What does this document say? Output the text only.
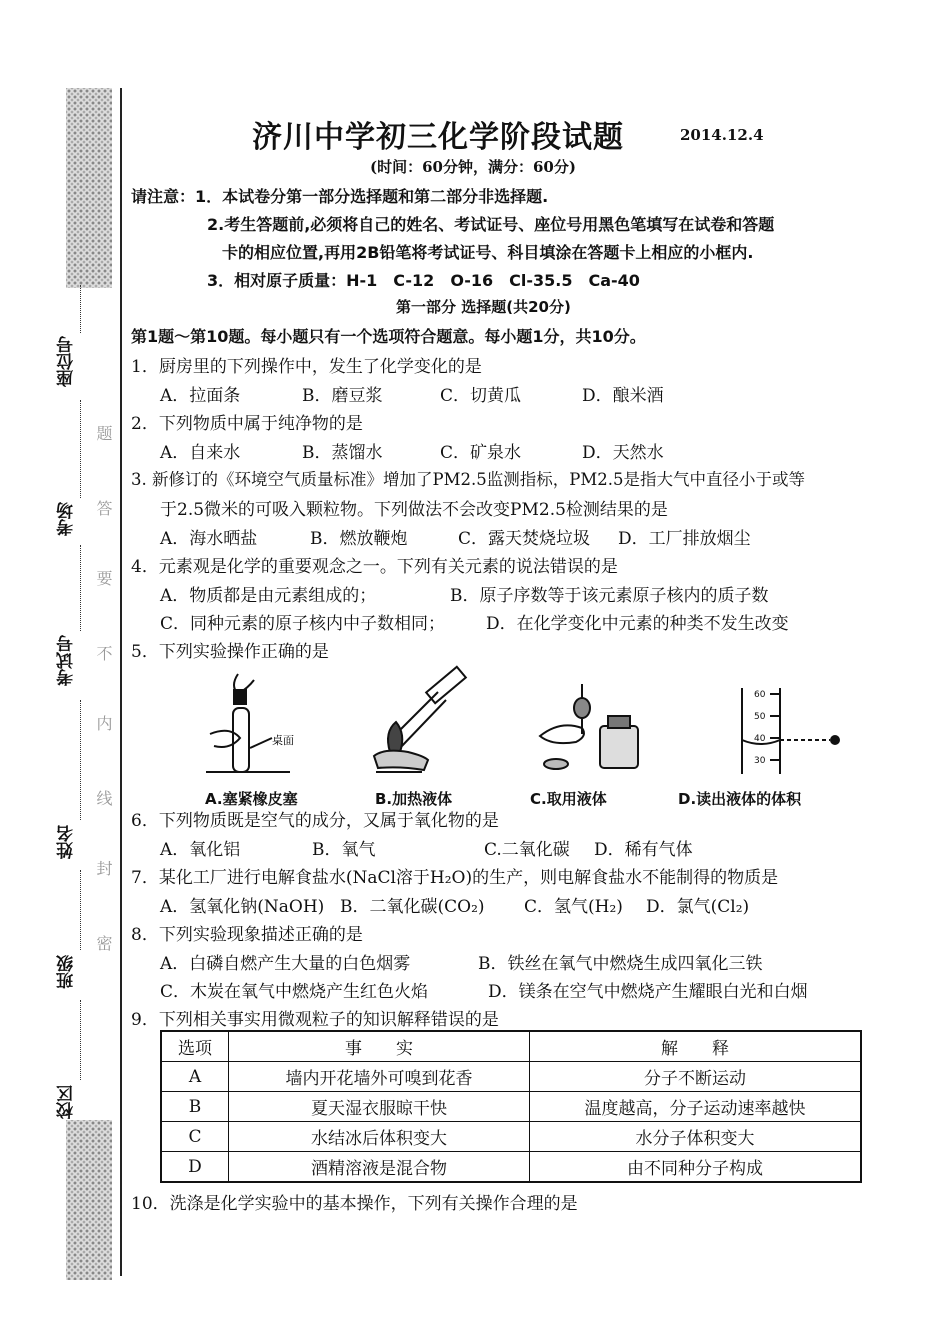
座位号
考场
考试号
姓名
班级
校区
题
答
要
不
内
线
封
密
济川中学初三化学阶段试题	2014.12.4
(时间：60分钟，满分：60分)
请注意：1．本试卷分第一部分选择题和第二部分非选择题.
2.考生答题前,必须将自己的姓名、考试证号、座位号用黑色笔填写在试卷和答题
卡的相应位置,再用2B铅笔将考试证号、科目填涂在答题卡上相应的小框内.
3．相对原子质量：H-1　C-12　O-16　Cl-35.5　Ca-40
第一部分 选择题(共20分)
第1题～第10题。每小题只有一个选项符合题意。每小题1分，共10分。
1．厨房里的下列操作中，发生了化学变化的是
A．拉面条	B．磨豆浆	C．切黄瓜	D．酿米酒
2．下列物质中属于纯净物的是
A．自来水	B．蒸馏水	C．矿泉水	D．天然水
3. 新修订的《环境空气质量标准》增加了PM2.5监测指标，PM2.5是指大气中直径小于或等
于2.5微米的可吸入颗粒物。下列做法不会改变PM2.5检测结果的是
A．海水晒盐	B．燃放鞭炮	C．露天焚烧垃圾 D．工厂排放烟尘
4．元素观是化学的重要观念之一。下列有关元素的说法错误的是
A．物质都是由元素组成的；	B．原子序数等于该元素原子核内的质子数
C．同种元素的原子核内中子数相同； D．在化学变化中元素的种类不发生改变
5．下列实验操作正确的是
桌面
60
50
40
30
A.塞紧橡皮塞	B.加热液体	C.取用液体	D.读出液体的体积
6．下列物质既是空气的成分，又属于氧化物的是
A．氧化铝	B．氧气	C.二氧化碳 D．稀有气体
7．某化工厂进行电解食盐水(NaCl溶于H₂O)的生产，则电解食盐水不能制得的物质是
A．氢氧化钠(NaOH) B．二氧化碳(CO₂) C．氢气(H₂) D．氯气(Cl₂)
8．下列实验现象描述正确的是
A．白磷自燃产生大量的白色烟雾	B．铁丝在氧气中燃烧生成四氧化三铁
C．木炭在氧气中燃烧产生红色火焰	D．镁条在空气中燃烧产生耀眼白光和白烟
9．下列相关事实用微观粒子的知识解释错误的是
选项	事　　实	解　　释
A	墙内开花墙外可嗅到花香	分子不断运动
B	夏天湿衣服晾干快	温度越高，分子运动速率越快
C	水结冰后体积变大	水分子体积变大
D	酒精溶液是混合物	由不同种分子构成
10．洗涤是化学实验中的基本操作，下列有关操作合理的是
